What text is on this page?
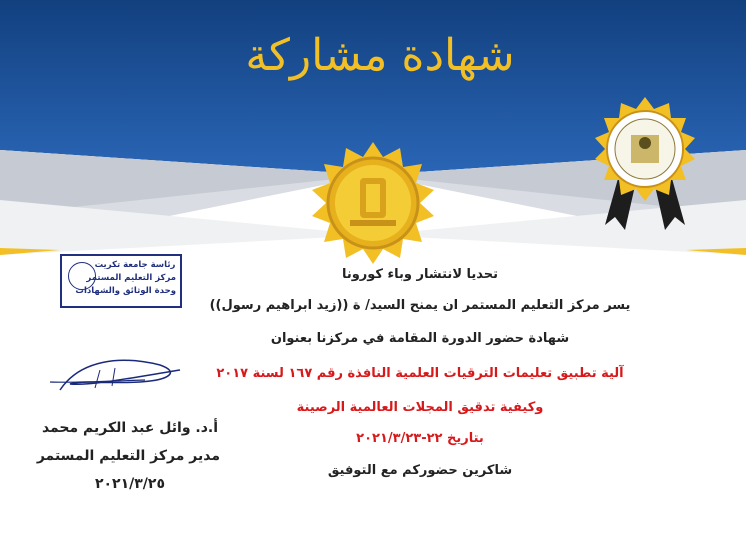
شهادة مشاركة
رئاسة جامعة تكريت
مركز التعليم المستمر
وحدة الوثائق والشهادات
أ.د. وائل عبد الكريم محمد
مدير مركز التعليم المستمر
٢٠٢١/٣/٢٥
تحديا لانتشار وباء كورونا
يسر مركز التعليم المستمر ان يمنح السيد/ ة ((زيد ابراهيم رسول))
شهادة حضور الدورة المقامة في مركزنا بعنوان
آلية تطبيق تعليمات الترقيات العلمية النافذة رقم ١٦٧ لسنة ٢٠١٧
وكيفية تدقيق المجلات العالمية الرصينة
بتاريخ ٢٢-٢٠٢١/٣/٢٣
شاكرين حضوركم مع التوفيق
